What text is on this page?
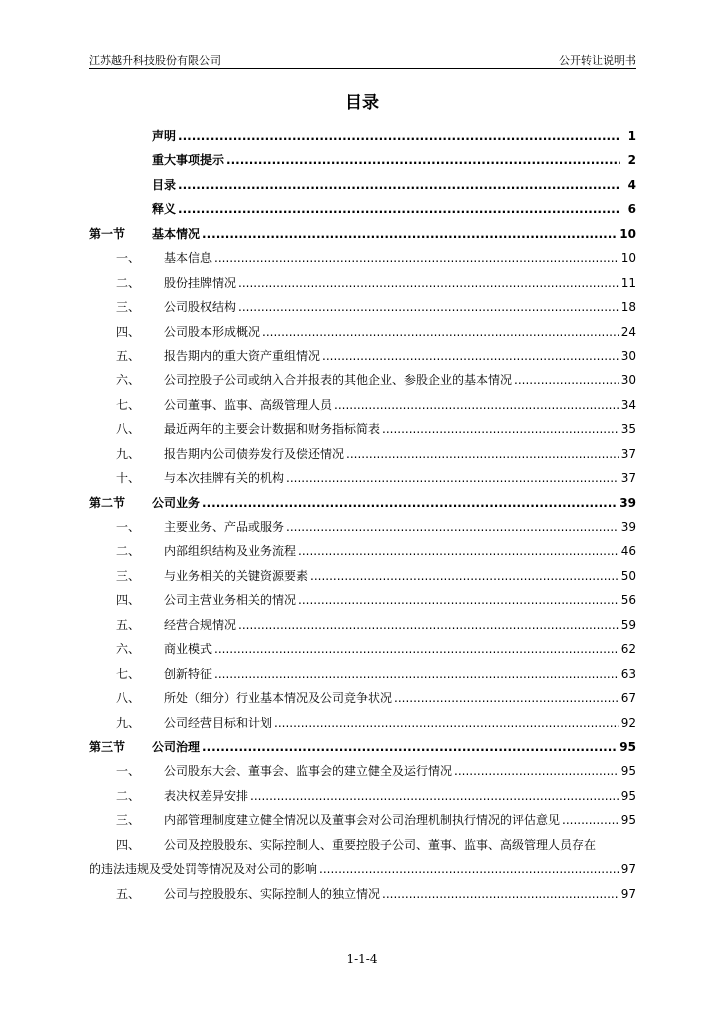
江苏越升科技股份有限公司	公开转让说明书
目录
声明 .....	1
重大事项提示 .....	2
目录 .....	4
释义 .....	6
第一节	基本情况 .....	10
一、	基本信息 .....	10
二、	股份挂牌情况 .....	11
三、	公司股权结构 .....	18
四、	公司股本形成概况 .....	24
五、	报告期内的重大资产重组情况 .....	30
六、	公司控股子公司或纳入合并报表的其他企业、参股企业的基本情况 .....	30
七、	公司董事、监事、高级管理人员 .....	34
八、	最近两年的主要会计数据和财务指标简表 .....	35
九、	报告期内公司债券发行及偿还情况 .....	37
十、	与本次挂牌有关的机构 .....	37
第二节	公司业务 .....	39
一、	主要业务、产品或服务 .....	39
二、	内部组织结构及业务流程 .....	46
三、	与业务相关的关键资源要素 .....	50
四、	公司主营业务相关的情况 .....	56
五、	经营合规情况 .....	59
六、	商业模式 .....	62
七、	创新特征 .....	63
八、	所处（细分）行业基本情况及公司竞争状况 .....	67
九、	公司经营目标和计划 .....	92
第三节	公司治理 .....	95
一、	公司股东大会、董事会、监事会的建立健全及运行情况 .....	95
二、	表决权差异安排 .....	95
三、	内部管理制度建立健全情况以及董事会对公司治理机制执行情况的评估意见 .....	95
四、	公司及控股股东、实际控制人、重要控股子公司、董事、监事、高级管理人员存在
的违法违规及受处罚等情况及对公司的影响 .....	97
五、	公司与控股股东、实际控制人的独立情况 .....	97
1-1-4
